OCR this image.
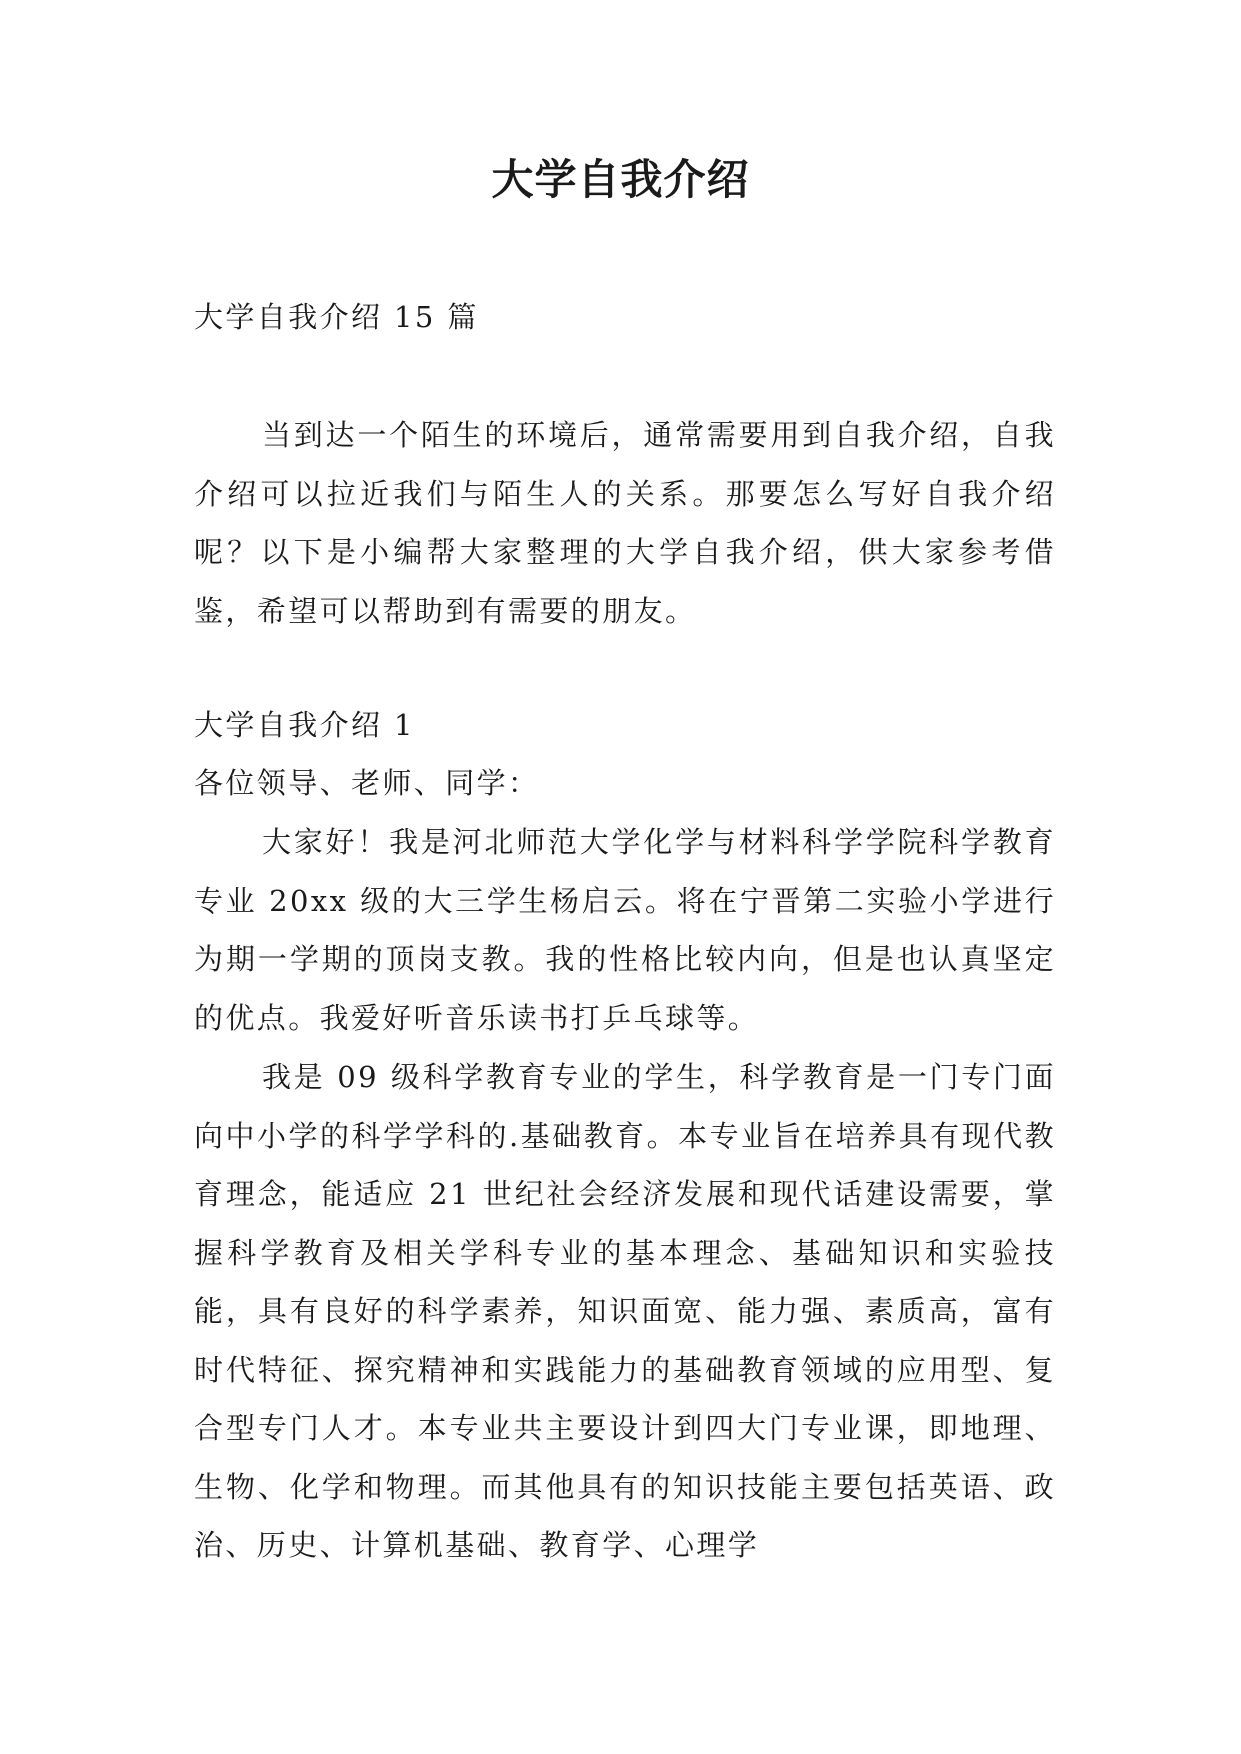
大学自我介绍

大学自我介绍 15 篇

当到达一个陌生的环境后，通常需要用到自我介绍，自我介绍可以拉近我们与陌生人的关系。那要怎么写好自我介绍呢？以下是小编帮大家整理的大学自我介绍，供大家参考借鉴，希望可以帮助到有需要的朋友。

大学自我介绍 1

各位领导、老师、同学：

大家好！我是河北师范大学化学与材料科学学院科学教育专业 20xx 级的大三学生杨启云。将在宁晋第二实验小学进行为期一学期的顶岗支教。我的性格比较内向，但是也认真坚定的优点。我爱好听音乐读书打乒乓球等。

我是 09 级科学教育专业的学生，科学教育是一门专门面向中小学的科学学科的.基础教育。本专业旨在培养具有现代教育理念，能适应 21 世纪社会经济发展和现代话建设需要，掌握科学教育及相关学科专业的基本理念、基础知识和实验技能，具有良好的科学素养，知识面宽、能力强、素质高，富有时代特征、探究精神和实践能力的基础教育领域的应用型、复合型专门人才。本专业共主要设计到四大门专业课，即地理、生物、化学和物理。而其他具有的知识技能主要包括英语、政治、历史、计算机基础、教育学、心理学
